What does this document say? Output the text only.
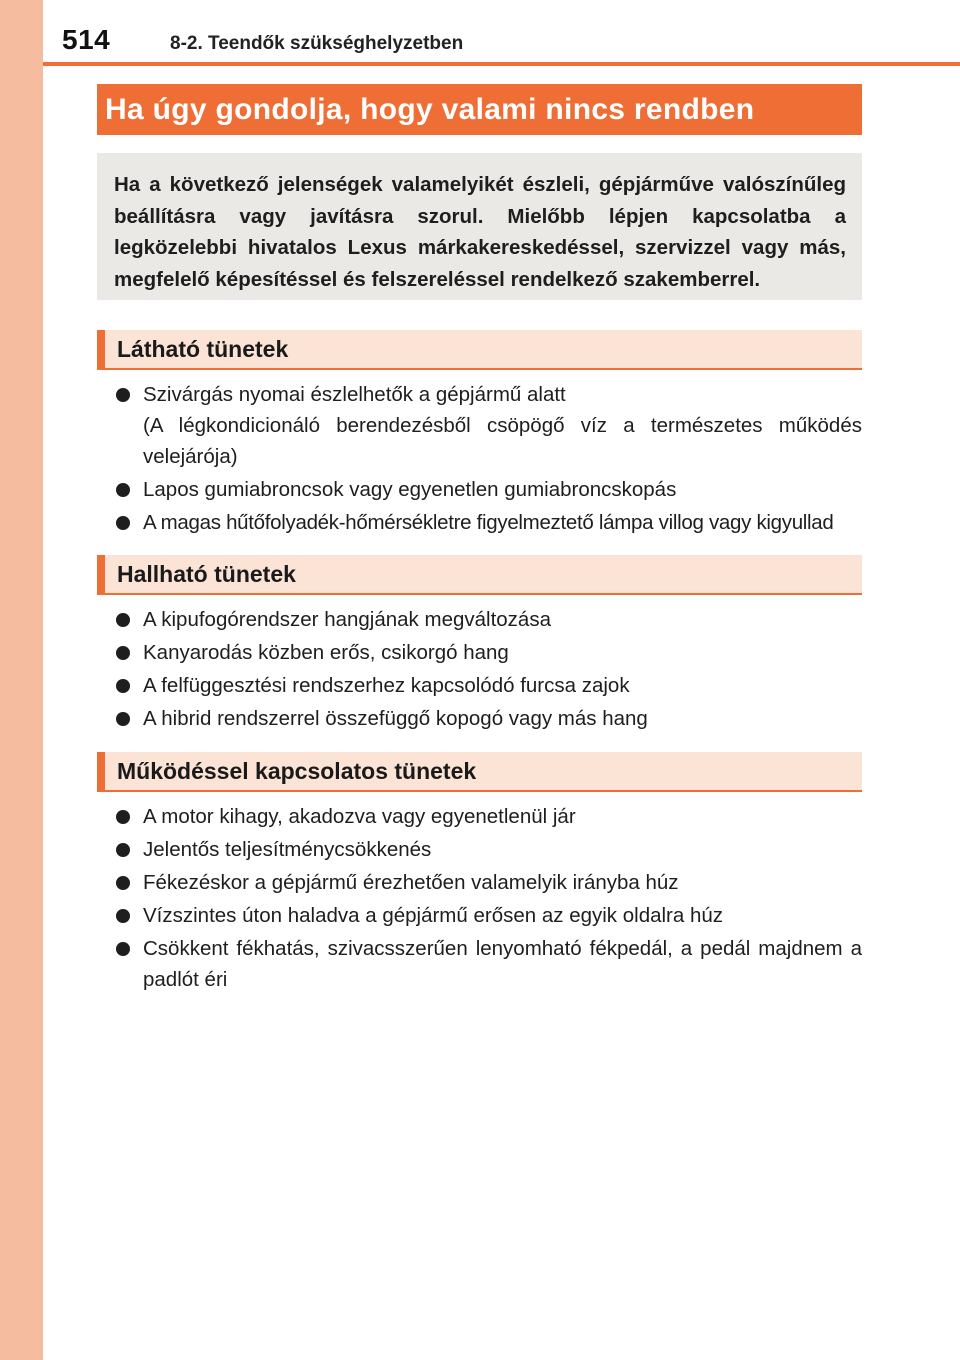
514	8-2. Teendők szükséghelyzetben
Ha úgy gondolja, hogy valami nincs rendben
Ha a következő jelenségek valamelyikét észleli, gépjárműve valószínűleg beállításra vagy javításra szorul. Mielőbb lépjen kapcsolatba a legközelebbi hivatalos Lexus márkakereskedéssel, szervizzel vagy más, megfelelő képesítéssel és felszereléssel rendelkező szakemberrel.
Látható tünetek
Szivárgás nyomai észlelhetők a gépjármű alatt
(A légkondicionáló berendezésből csöpögő víz a természetes működés velejárója)
Lapos gumiabroncsok vagy egyenetlen gumiabroncskopás
A magas hűtőfolyadék-hőmérsékletre figyelmeztető lámpa villog vagy kigyullad
Hallható tünetek
A kipufogórendszer hangjának megváltozása
Kanyarodás közben erős, csikorgó hang
A felfüggesztési rendszerhez kapcsolódó furcsa zajok
A hibrid rendszerrel összefüggő kopogó vagy más hang
Működéssel kapcsolatos tünetek
A motor kihagy, akadozva vagy egyenetlenül jár
Jelentős teljesítménycsökkenés
Fékezéskor a gépjármű érezhetően valamelyik irányba húz
Vízszintes úton haladva a gépjármű erősen az egyik oldalra húz
Csökkent fékhatás, szivacsszerűen lenyomható fékpedál, a pedál majdnem a padlót éri
